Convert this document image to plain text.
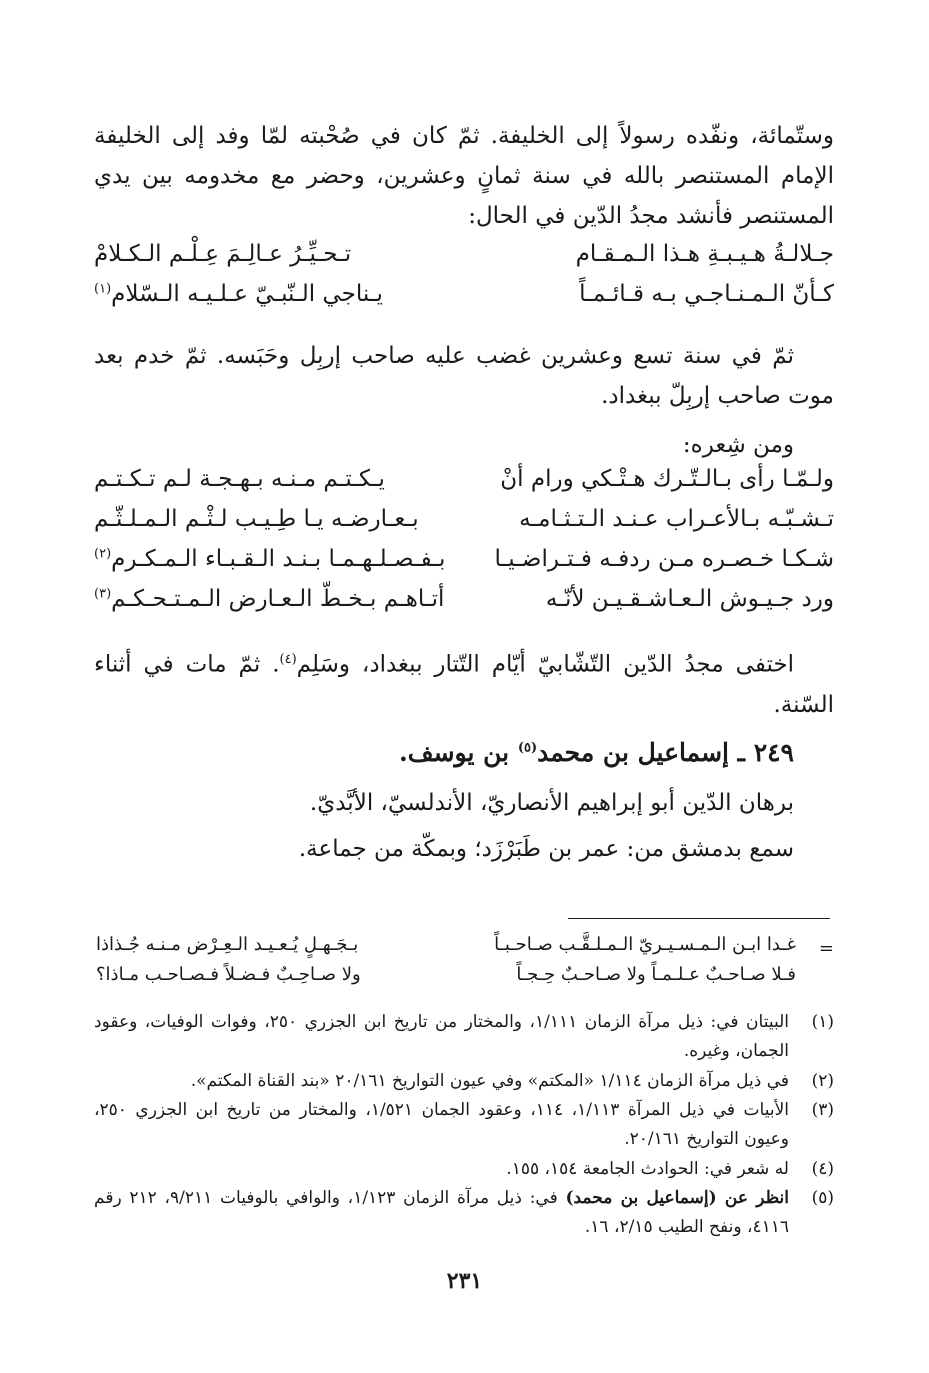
وستّمائة، ونفّده رسولاً إلى الخليفة. ثمّ كان في صُحْبته لمّا وفد إلى الخليفة الإمام المستنصر بالله في سنة ثمانٍ وعشرين، وحضر مع مخدومه بين يدي المستنصر فأنشد مجدُ الدّين في الحال:
جـلالـةُ هـيـبـةِ هـذا الـمـقـام
تـحـيِّـرُ عـالِـمَ عِـلْـم الـكـلامْ
كـأنّ الـمـنـاجـي بـه قـائـمـاً
يـناجي الـنّبـيّ عـلـيـه الـسّلام$^{(١)}$
ثمّ في سنة تسع وعشرين غضب عليه صاحب إربِل وحَبَسه. ثمّ خدم بعد موت صاحب إربِلّ ببغداد.
ومن شِعره:
ولـمّـا رأى بـالـتّـرك هـتْـكي ورام أنْ
يـكـتـم مـنـه بـهـجـة لـم تـكـتـم
تـشـبّـه بـالأعـراب عـنـد الـتـثـامـه
بـعـارضـه يـا طِـيـب لـثْـم الـمـلـثّـم
شـكـا خـصـره مـن ردفـه فـتـراضـيـا
بـفـصـلـهـمـا بـنـد الـقـبـاء الـمـكـرم$^{(٢)}$
ورد جـيـوش الـعـاشـقـيـن لأنّـه
أتـاهـم بـخـطّ الـعـارض الـمـتـحـكـم$^{(٣)}$
اختفى مجدُ الدّين التّشّابيّ أيّام التّتار ببغداد، وسَلِم$^{(٤)}$. ثمّ مات في أثناء السّنة.
٢٤٩ ـ إسماعيل بن محمد$^{(٥)}$ بن يوسف.
برهان الدّين أبو إبراهيم الأنصاريّ، الأندلسيّ، الأبَّديّ.
سمع بدمشق من: عمر بن طَبَرْزَد؛ وبمكّة من جماعة.
=
غـدا ابـن الـمـسـيـريّ الـمـلـقَّـب صـاحـبـاً
بـجَـهـلٍ يُـعـيـد الـعِـرْض مـنـه جُـذاذا
فـلا صـاحـبٌ عـلـمـاً ولا صـاحـبٌ حِـجـاً
ولا صـاحِـبٌ فـضـلاً فـصـاحـب مـاذا؟
(١)
البيتان في: ذيل مرآة الزمان ١/١١١، والمختار من تاريخ ابن الجزري ٢٥٠، وفوات الوفيات، وعقود الجمان، وغيره.
(٢)
في ذيل مرآة الزمان ١/١١٤ «المكتم» وفي عيون التواريخ ٢٠/١٦١ «بند القناة المكتم».
(٣)
الأبيات في ذيل المرآة ١/١١٣، ١١٤، وعقود الجمان ١/٥٢١، والمختار من تاريخ ابن الجزري ٢٥٠، وعيون التواريخ ٢٠/١٦١.
(٤)
له شعر في: الحوادث الجامعة ١٥٤، ١٥٥.
(٥)
انظر عن (إسماعيل بن محمد) في: ذيل مرآة الزمان ١/١٢٣، والوافي بالوفيات ٩/٢١١، ٢١٢ رقم ٤١١٦، ونفح الطيب ٢/١٥، ١٦.
٢٣١
